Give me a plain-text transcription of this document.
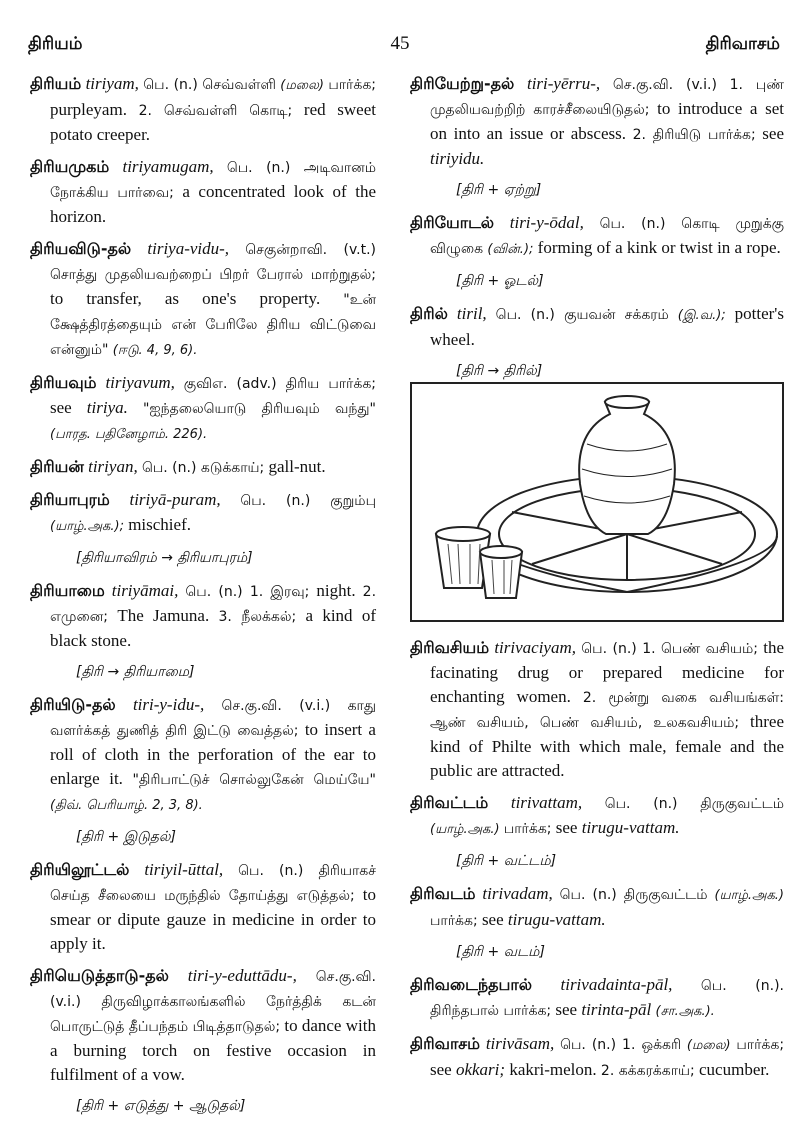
திரியம்	45	திரிவாசம்

திரியம் tiriyam, பெ. (n.) செவ்வள்ளி (மலை) பார்க்க; purpleyam. 2. செவ்வள்ளி கொடி; red sweet potato creeper.

திரியமுகம் tiriyamugam, பெ. (n.) அடிவானம் நோக்கிய பார்வை; a concentrated look of the horizon.

திரியவிடு-தல் tiriya-vidu-, செகுன்றாவி. (v.t.) சொத்து முதலியவற்றைப் பிறர் பேரால் மாற்றுதல்; to transfer, as one's property. "உன் க்ஷேத்திரத்தையும் என் பேரிலே திரிய விட்டுவை என்னும்" (ஈடு. 4, 9, 6).

திரியவும் tiriyavum, குவிஎ. (adv.) திரிய பார்க்க; see tiriya. "ஐந்தலையொடு திரியவும் வந்து" (பாரத. பதினேழாம். 226).

திரியன் tiriyan, பெ. (n.) கடுக்காய்; gall-nut.

திரியாபுரம் tiriyā-puram, பெ. (n.) குறும்பு (யாழ்.அக.); mischief.

[திரியாவிரம் → திரியாபுரம்]

திரியாமை tiriyāmai, பெ. (n.) 1. இரவு; night. 2. எமுனை; The Jamuna. 3. நீலக்கல்; a kind of black stone.

[திரி → திரியாமை]

திரியிடு-தல் tiri-y-idu-, செ.கு.வி. (v.i.) காது வளர்க்கத் துணித் திரி இட்டு வைத்தல்; to insert a roll of cloth in the perforation of the ear to enlarge it. "திரிபாட்டுச் சொல்லுகேன் மெய்யே" (திவ். பெரியாழ். 2, 3, 8).

[திரி + இடுதல்]

திரியிலூட்டல் tiriyil-ūttal, பெ. (n.) திரியாகச் செய்த சீலையை மருந்தில் தோய்த்து எடுத்தல்; to smear or dipute gauze in medicine in order to apply it.

திரியெடுத்தாடு-தல் tiri-y-eduttādu-, செ.கு.வி. (v.i.) திருவிழாக்காலங்களில் நேர்த்திக் கடன் பொருட்டுத் தீப்பந்தம் பிடித்தாடுதல்; to dance with a burning torch on festive occasion in fulfilment of a vow.

[திரி + எடுத்து + ஆடுதல்]

திரியேற்று-தல் tiri-yērru-, செ.கு.வி. (v.i.) 1. புண் முதலியவற்றிற் காரச்சீலையிடுதல்; to introduce a set on into an issue or abscess. 2. திரியிடு பார்க்க; see tiriyidu.

[திரி + ஏற்று]

திரியோடல் tiri-y-ōdal, பெ. (n.) கொடி முறுக்கு விழுகை (வின்.); forming of a kink or twist in a rope.

[திரி + ஓடல்]

திரில் tiril, பெ. (n.) குயவன் சக்கரம் (இ.வ.); potter's wheel.

[திரி → திரில்]

திரிவசியம் tirivaciyam, பெ. (n.) 1. பெண் வசியம்; the facinating drug or prepared medicine for enchanting women. 2. மூன்று வகை வசியங்கள்: ஆண் வசியம், பெண் வசியம், உலகவசியம்; three kind of Philte with which male, female and the public are attracted.

திரிவட்டம் tirivattam, பெ. (n.) திருகுவட்டம் (யாழ்.அக.) பார்க்க; see tirugu-vattam.

[திரி + வட்டம்]

திரிவடம் tirivadam, பெ. (n.) திருகுவட்டம் (யாழ்.அக.) பார்க்க; see tirugu-vattam.

[திரி + வடம்]

திரிவடைந்தபால் tirivadainta-pāl, பெ. (n.). திரிந்தபால் பார்க்க; see tirinta-pāl (சா.அக.).

திரிவாசம் tirivāsam, பெ. (n.) 1. ஒக்கரி (மலை) பார்க்க; see okkari; kakri-melon. 2. கக்கரக்காய்; cucumber.
